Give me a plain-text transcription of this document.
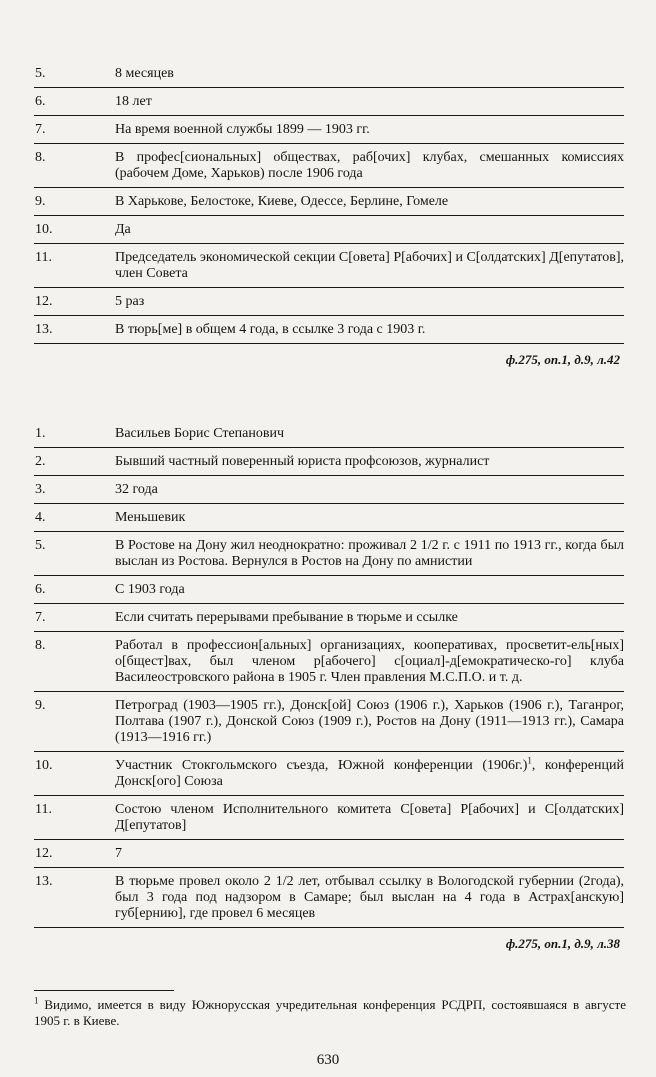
5.	8 месяцев
6.	18 лет
7.	На время военной службы 1899 — 1903 гг.
8.	В профес[сиональных] обществах, раб[очих] клубах, смешанных комиссиях (рабочем Доме, Харьков) после 1906 года
9.	В Харькове, Белостоке, Киеве, Одессе, Берлине, Гомеле
10.	Да
11.	Председатель экономической секции С[овета] Р[абочих] и С[олдатских] Д[епутатов], член Совета
12.	5 раз
13.	В тюрь[ме] в общем 4 года, в ссылке 3 года с 1903 г.
ф.275, оп.1, д.9, л.42
1.	Васильев Борис Степанович
2.	Бывший частный поверенный юриста профсоюзов, журналист
3.	32 года
4.	Меньшевик
5.	В Ростове на Дону жил неоднократно: проживал 2 1/2 г. с 1911 по 1913 гг., когда был выслан из Ростова. Вернулся в Ростов на Дону по амнистии
6.	С 1903 года
7.	Если считать перерывами пребывание в тюрьме и ссылке
8.	Работал в профессион[альных] организациях, кооперативах, просветит-ель[ных] о[бщест]вах, был членом р[абочего] с[оциал]-д[емократическо-го] клуба Василеостровского района в 1905 г. Член правления М.С.П.О. и т. д.
9.	Петроград (1903—1905 гг.), Донск[ой] Союз (1906 г.), Харьков (1906 г.), Таганрог, Полтава (1907 г.), Донской Союз (1909 г.), Ростов на Дону (1911—1913 гг.), Самара (1913—1916 гг.)
10.	Участник Стокгольмского съезда, Южной конференции $(1906г.)^1$, конференций Донск[ого] Союза
11.	Состою членом Исполнительного комитета С[овета] Р[абочих] и С[олдатских] Д[епутатов]
12.	7
13.	В тюрьме провел около 2 1/2 лет, отбывал ссылку в Вологодской губернии (2года), был 3 года под надзором в Самаре; был выслан на 4 года в Астрах[анскую] губ[ернию], где провел 6 месяцев
ф.275, оп.1, д.9, л.38
$^1$ Видимо, имеется в виду Южнорусская учредительная конференция РСДРП, состоявшаяся в августе 1905 г. в Киеве.
630
